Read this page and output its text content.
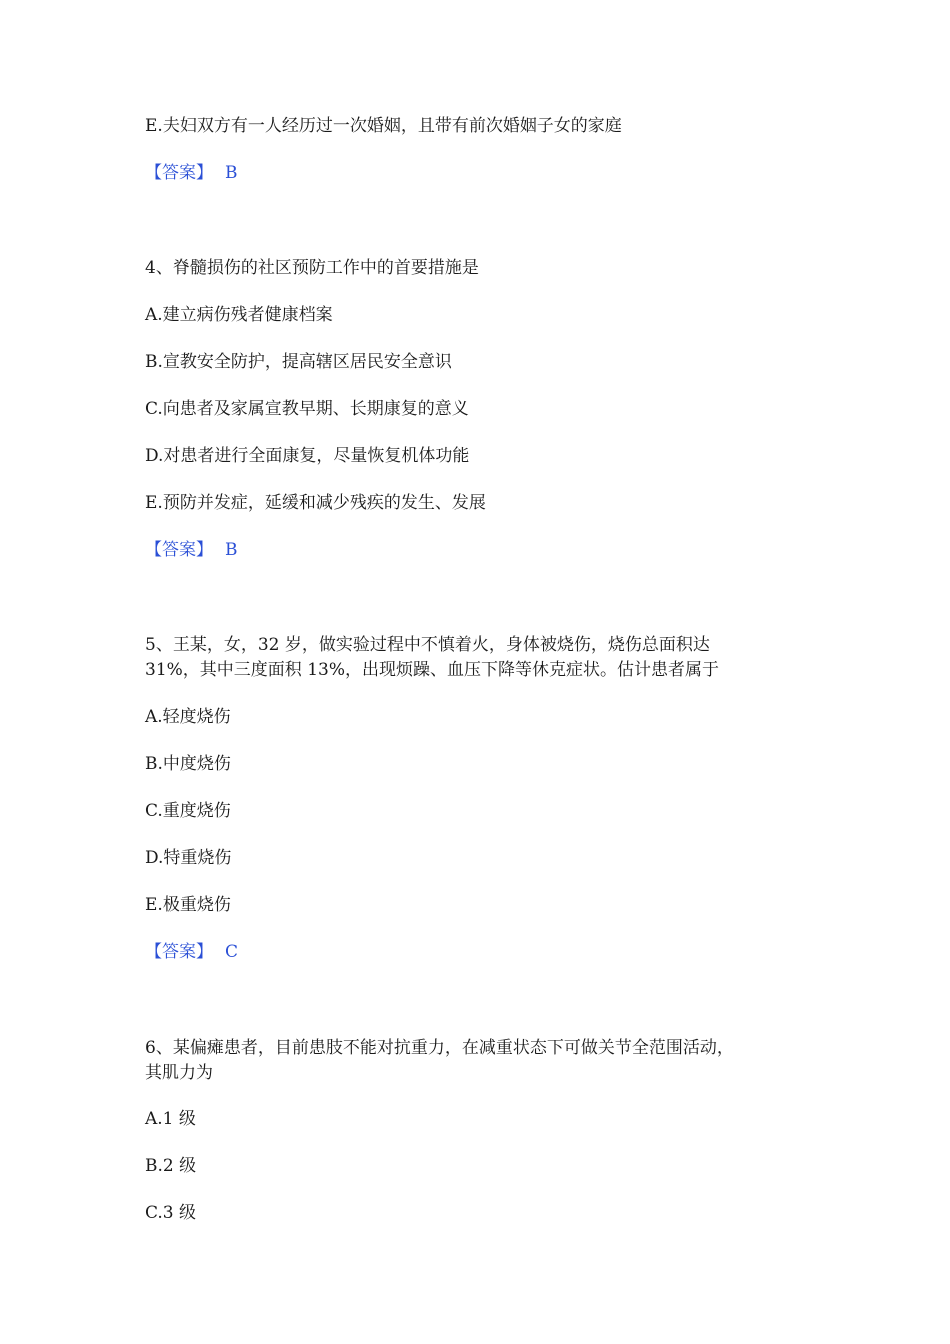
E.夫妇双方有一人经历过一次婚姻，且带有前次婚姻子女的家庭
【答案】 B
4、脊髓损伤的社区预防工作中的首要措施是
A.建立病伤残者健康档案
B.宣教安全防护，提高辖区居民安全意识
C.向患者及家属宣教早期、长期康复的意义
D.对患者进行全面康复，尽量恢复机体功能
E.预防并发症，延缓和减少残疾的发生、发展
【答案】 B
5、王某，女，32 岁，做实验过程中不慎着火，身体被烧伤，烧伤总面积达
31%，其中三度面积 13%，出现烦躁、血压下降等休克症状。估计患者属于
A.轻度烧伤
B.中度烧伤
C.重度烧伤
D.特重烧伤
E.极重烧伤
【答案】 C
6、某偏瘫患者，目前患肢不能对抗重力，在减重状态下可做关节全范围活动，
其肌力为
A.1 级
B.2 级
C.3 级
